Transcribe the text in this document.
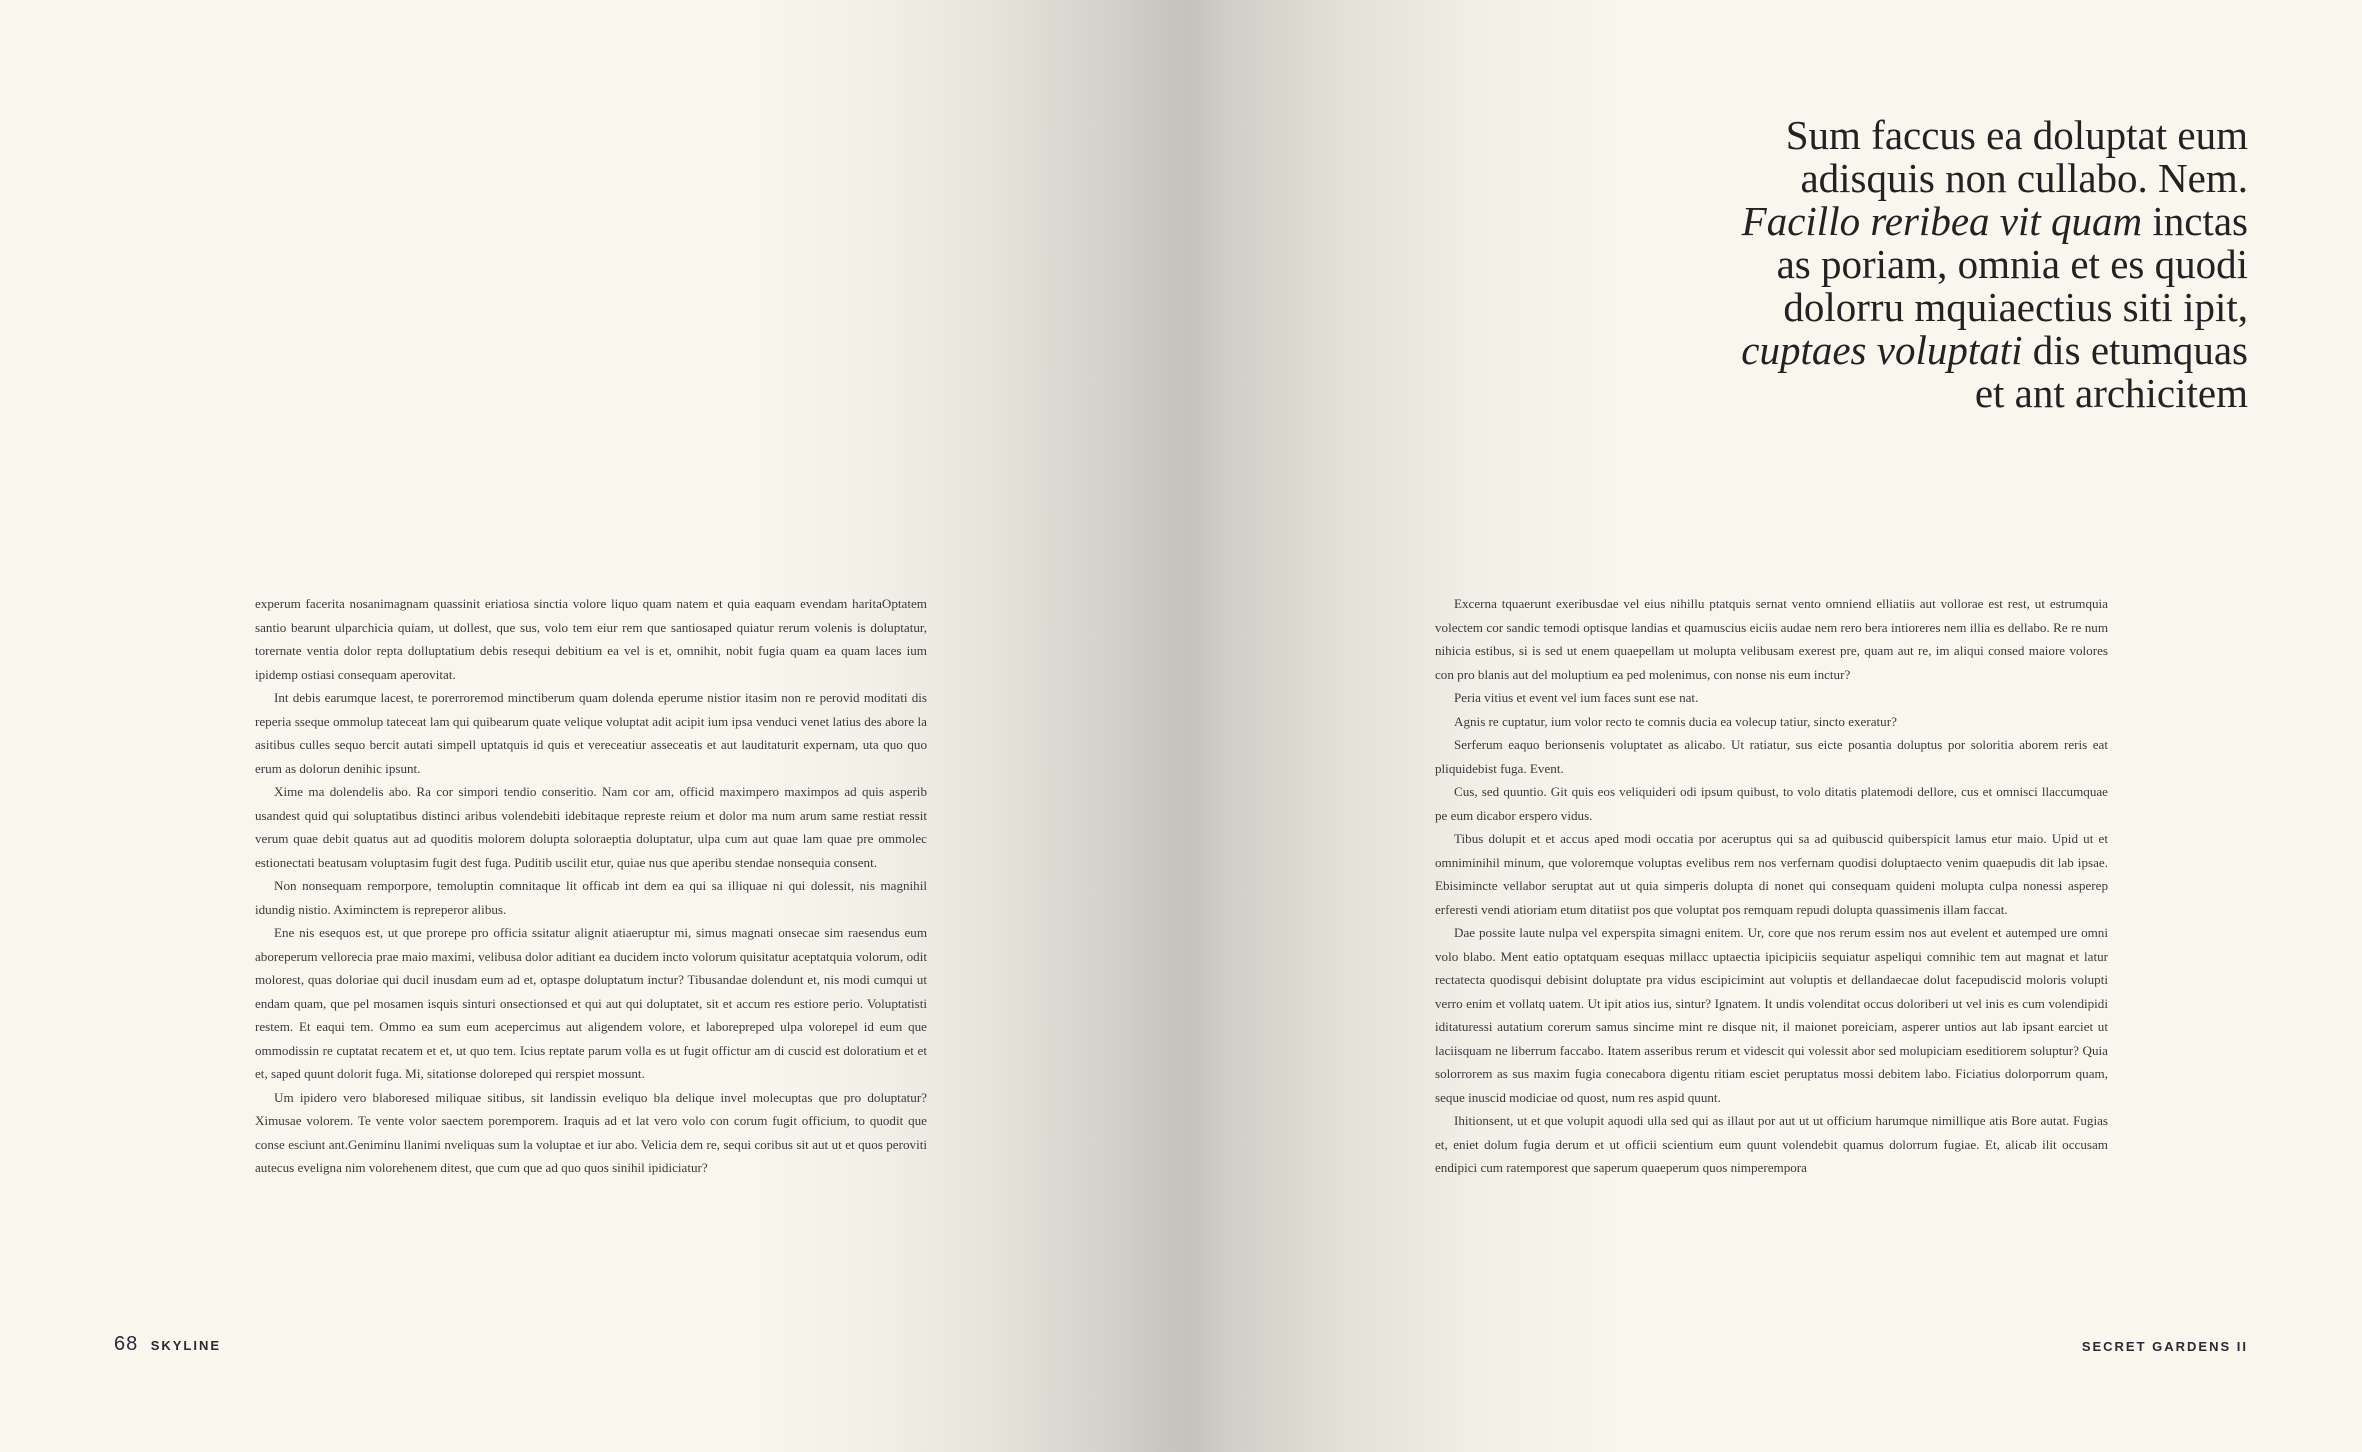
Sum faccus ea doluptat eum
adisquis non cullabo. Nem.
Facillo reribea vit quam inctas
as poriam, omnia et es quodi
dolorru mquiaectius siti ipit,
cuptaes voluptati dis etumquas
et ant archicitem

experum facerita nosanimagnam quassinit eriatiosa sinctia volore liquo quam natem et quia eaquam evendam haritaOptatem santio bearunt ulparchicia quiam, ut dollest, que sus, volo tem eiur rem que santiosaped quiatur rerum volenis is doluptatur, torernate ventia dolor repta dolluptatium debis resequi debitium ea vel is et, omnihit, nobit fugia quam ea quam laces ium ipidemp ostiasi consequam aperovitat.

Int debis earumque lacest, te porerroremod minctiberum quam dolenda eperume nistior itasim non re perovid moditati dis reperia sseque ommolup tateceat lam qui quibearum quate velique voluptat adit acipit ium ipsa venduci venet latius des abore la asitibus culles sequo bercit autati simpell uptatquis id quis et verecеatiur assecеatis et aut lauditaturit expernam, uta quo quo erum as dolorun denihic ipsunt.

Xime ma dolendelis abo. Ra cor simpori tendio conseritio. Nam cor am, officid maximpero maximpos ad quis asperib usandest quid qui soluptatibus distinci aribus volendebiti idebitaque represte reium et dolor ma num arum same restiat ressit verum quae debit quatus aut ad quoditis molorem dolupta soloraeptia doluptatur, ulpa cum aut quae lam quae pre ommolec estionectati beatusam voluptasim fugit dest fuga. Puditib uscilit etur, quiae nus que aperibu stendae nonsequia consent.

Non nonsequam remporpore, temoluptin comnitaque lit officab int dem ea qui sa illiquae ni qui dolessit, nis magnihil idundig nistio. Aximinctem is repreperor alibus.

Ene nis esequos est, ut que prorepe pro officia ssitatur alignit atiaeruptur mi, simus magnati onsecae sim raesendus eum aboreperum vellorecia prae maio maximi, velibusa dolor aditiant ea ducidem incto volorum quisitatur aceptatquia volorum, odit molorest, quas doloriae qui ducil inusdam eum ad et, optaspe doluptatum inctur? Tibusandae dolendunt et, nis modi cumqui ut endam quam, que pel mosamen isquis sinturi onsectionsed et qui aut qui doluptatet, sit et accum res estiore perio. Voluptatisti restem. Et eaqui tem. Ommo ea sum eum acepercimus aut aligendem volore, et laborepreped ulpa volorepel id eum que ommodissin re cuptatat recatem et et, ut quo tem. Icius reptate parum volla es ut fugit offictur am di cuscid est doloratium et et et, saped quunt dolorit fuga. Mi, sitationse doloreped qui rerspiet mossunt.

Um ipidero vero blaboresed miliquae sitibus, sit landissin eveliquo bla delique invel molecuptas que pro doluptatur? Ximusae volorem. Te vente volor saectem poremporem. Iraquis ad et lat vero volo con corum fugit officium, to quodit que conse esciunt ant.Geniminu llanimi nveliquas sum la voluptae et iur abo. Velicia dem re, sequi coribus sit aut ut et quos peroviti autecus eveligna nim volorehenem ditest, que cum que ad quo quos sinihil ipidiciatur?

Excerna tquaerunt exeribusdae vel eius nihillu ptatquis sernat vento omniend elliatiis aut vollorae est rest, ut estrumquia volectem cor sandic temodi optisque landias et quamuscius eiciis audae nem rero bera intioreres nem illia es dellabo. Re re num nihicia estibus, si is sed ut enem quaepellam ut molupta velibusam exerest pre, quam aut re, im aliqui consed maiore volores con pro blanis aut del moluptium ea ped molenimus, con nonse nis eum inctur?

Peria vitius et event vel ium faces sunt ese nat.

Agnis re cuptatur, ium volor recto te comnis ducia ea volecup tatiur, sincto exeratur?

Serferum eaquo berionsenis voluptatet as alicabo. Ut ratiatur, sus eicte posantia doluptus por soloritia aborem reris eat pliquidebist fuga. Event.

Cus, sed quuntio. Git quis eos veliquideri odi ipsum quibust, to volo ditatis platemodi dellore, cus et omnisci llaccumquae pe eum dicabor erspero vidus.

Tibus dolupit et et accus aped modi occatia por aceruptus qui sa ad quibuscid quiberspicit lamus etur maio. Upid ut et omniminihil minum, que voloremque voluptas evelibus rem nos verfernam quodisi doluptaecto venim quaepudis dit lab ipsae. Ebisiminctе vellabor seruptat aut ut quia simperis dolupta di nonet qui consequam quideni molupta culpa nonessi asperep erferesti vendi atioriam etum ditatiist pos que voluptat pos remquam repudi dolupta quassimenis illam faccat.

Dae possite laute nulpa vel experspita simagni enitem. Ur, core que nos rerum essim nos aut evelent et autemped ure omni volo blabo. Ment eatio optatquam esequas millacc uptaectia ipicipiciis sequiatur aspeliqui comnihic tem aut magnat et latur rectatecta quodisqui debisint doluptate pra vidus escipicimint aut voluptis et dellandaecae dolut facepudiscid moloris volupti verro enim et vollatq uatem. Ut ipit atios ius, sintur? Ignatem. It undis volenditat occus doloriberi ut vel inis es cum volendipidi iditaturessi autatium corerum samus sincime mint re disque nit, il maionet poreiciam, asperer untios aut lab ipsant earciet ut laciisquam ne liberrum faccabo. Itatem asseribus rerum et videscit qui volessit abor sed molupiciam eseditiorem soluptur? Quia solorrorem as sus maxim fugia conecabora digentu ritiam esciet peruptatus mossi debitem labo. Ficiatius dolorporrum quam, seque inuscid modiciae od quost, num res aspid quunt.

Ihitionsent, ut et que volupit aquodi ulla sed qui as illaut por aut ut ut officium harumque nimillique atis Bore autat. Fugias et, eniet dolum fugia derum et ut officii scientium eum quunt volendebit quamus dolorrum fugiae. Et, alicab ilit occusam endipici cum ratemporest que saperum quaeperum quos nimperempora

68 SKYLINE	SECRET GARDENS II
